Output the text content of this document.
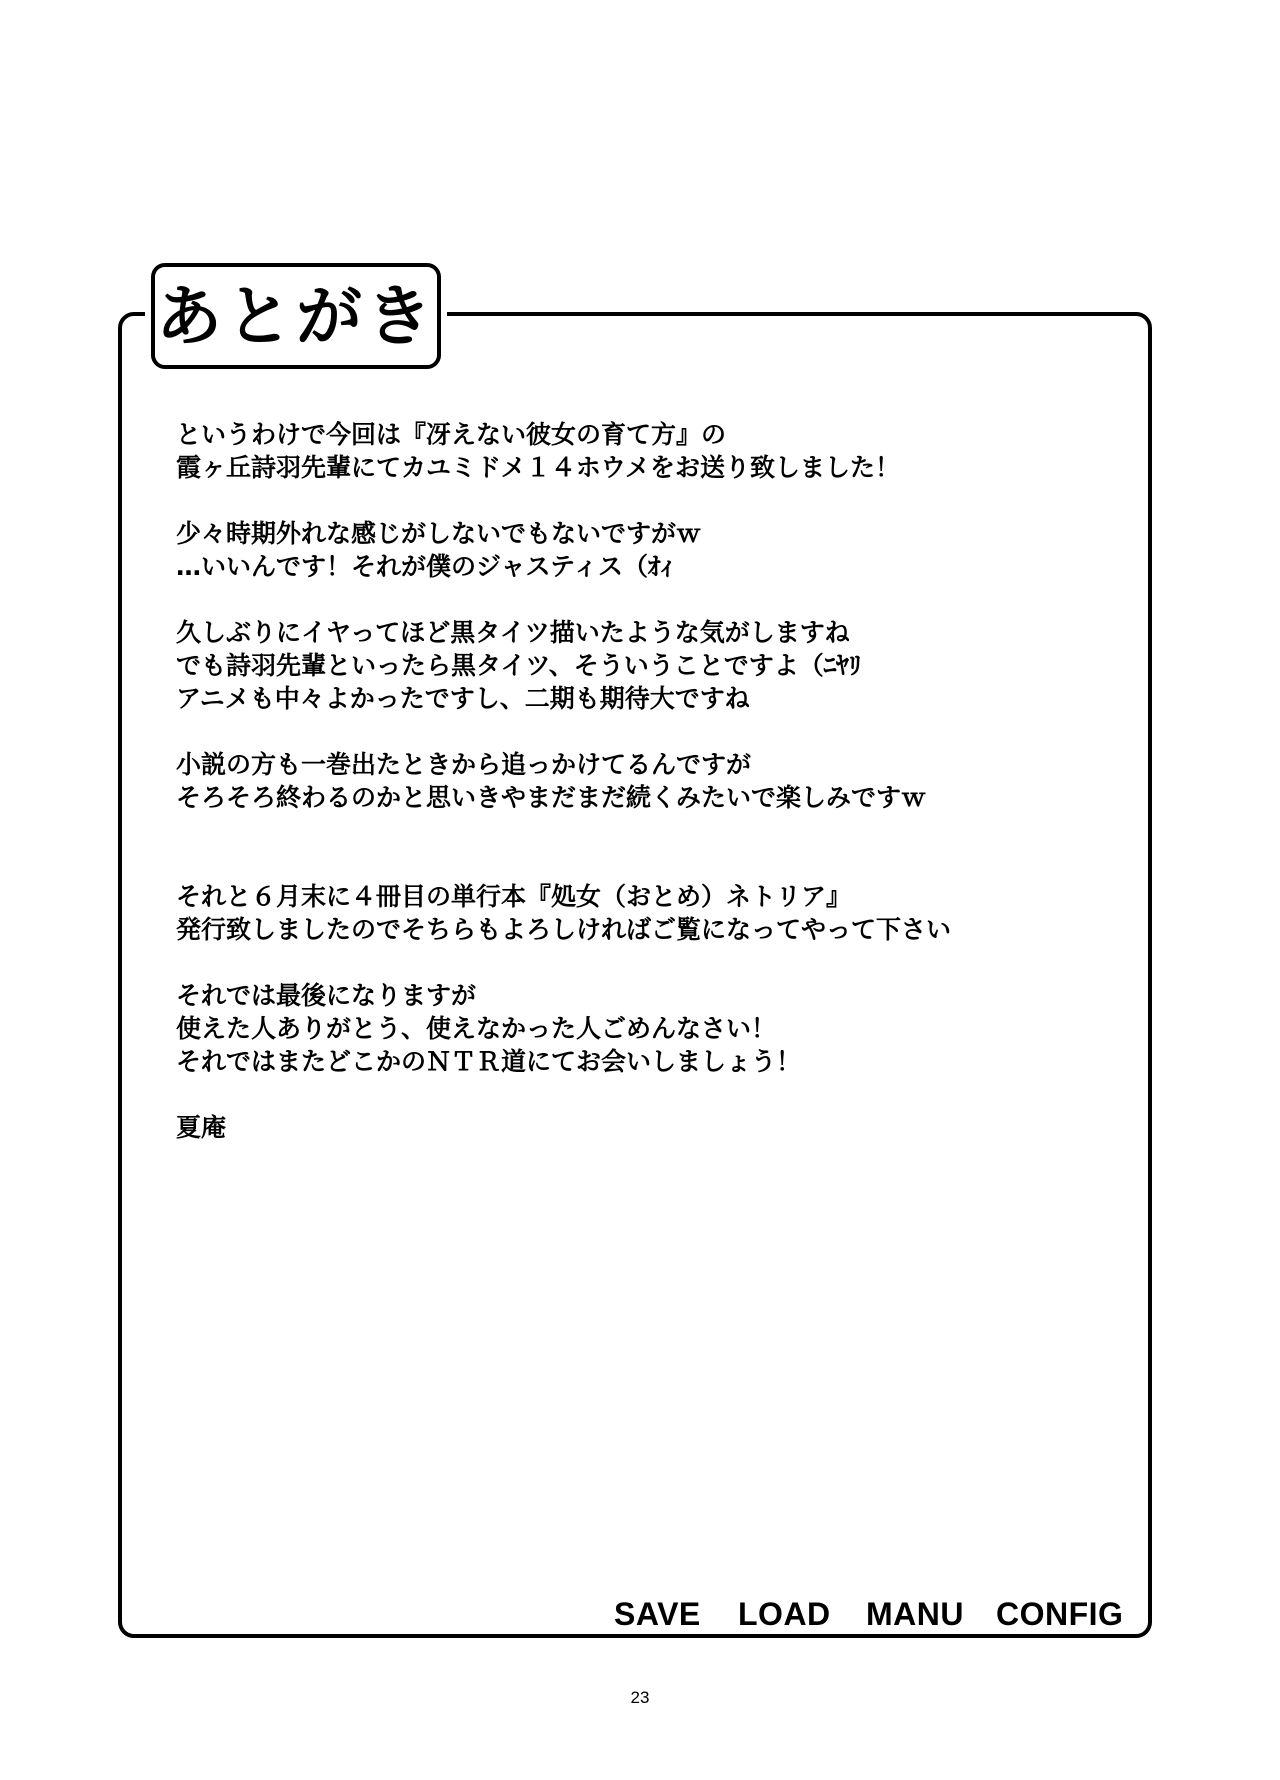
あとがき
というわけで今回は『冴えない彼女の育て方』の
霞ヶ丘詩羽先輩にてカユミドメ１４ホウメをお送り致しました！
少々時期外れな感じがしないでもないですがｗ
…いいんです！それが僕のジャスティス（ｵｨ
久しぶりにイヤってほど黒タイツ描いたような気がしますね
でも詩羽先輩といったら黒タイツ、そういうことですよ（ﾆﾔﾘ
アニメも中々よかったですし、二期も期待大ですね
小説の方も一巻出たときから追っかけてるんですが
そろそろ終わるのかと思いきやまだまだ続くみたいで楽しみですｗ
それと６月末に４冊目の単行本『処女（おとめ）ネトリア』
発行致しましたのでそちらもよろしければご覧になってやって下さい
それでは最後になりますが
使えた人ありがとう、使えなかった人ごめんなさい！
それではまたどこかのＮＴＲ道にてお会いしましょう！
夏庵
SAVE LOAD MANU CONFIG
23
